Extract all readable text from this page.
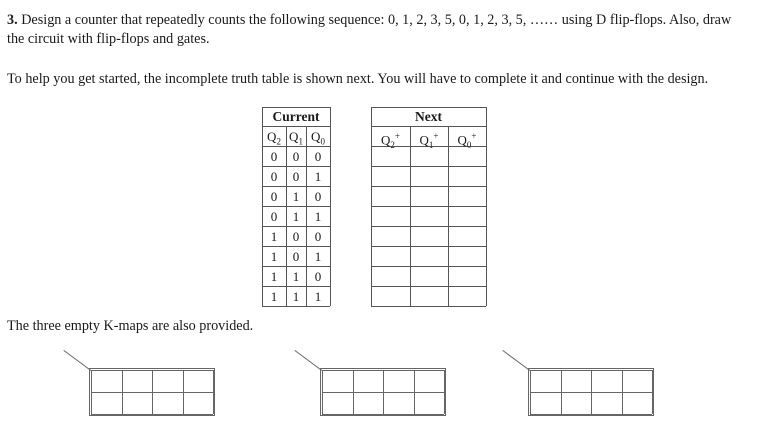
3. Design a counter that repeatedly counts the following sequence: 0, 1, 2, 3, 5, 0, 1, 2, 3, 5, …… using D flip-flops. Also, draw the circuit with flip-flops and gates.

To help you get started, the incomplete truth table is shown next. You will have to complete it and continue with the design.

Current	Next
$Q_2$ $Q_1$ $Q_0$	$Q_2^+$	$Q_1^+$	$Q_0^+$
0	0	0
0	0	1
0	1	0
0	1	1
1	0	0
1	0	1
1	1	0
1	1	1

The three empty K-maps are also provided.
